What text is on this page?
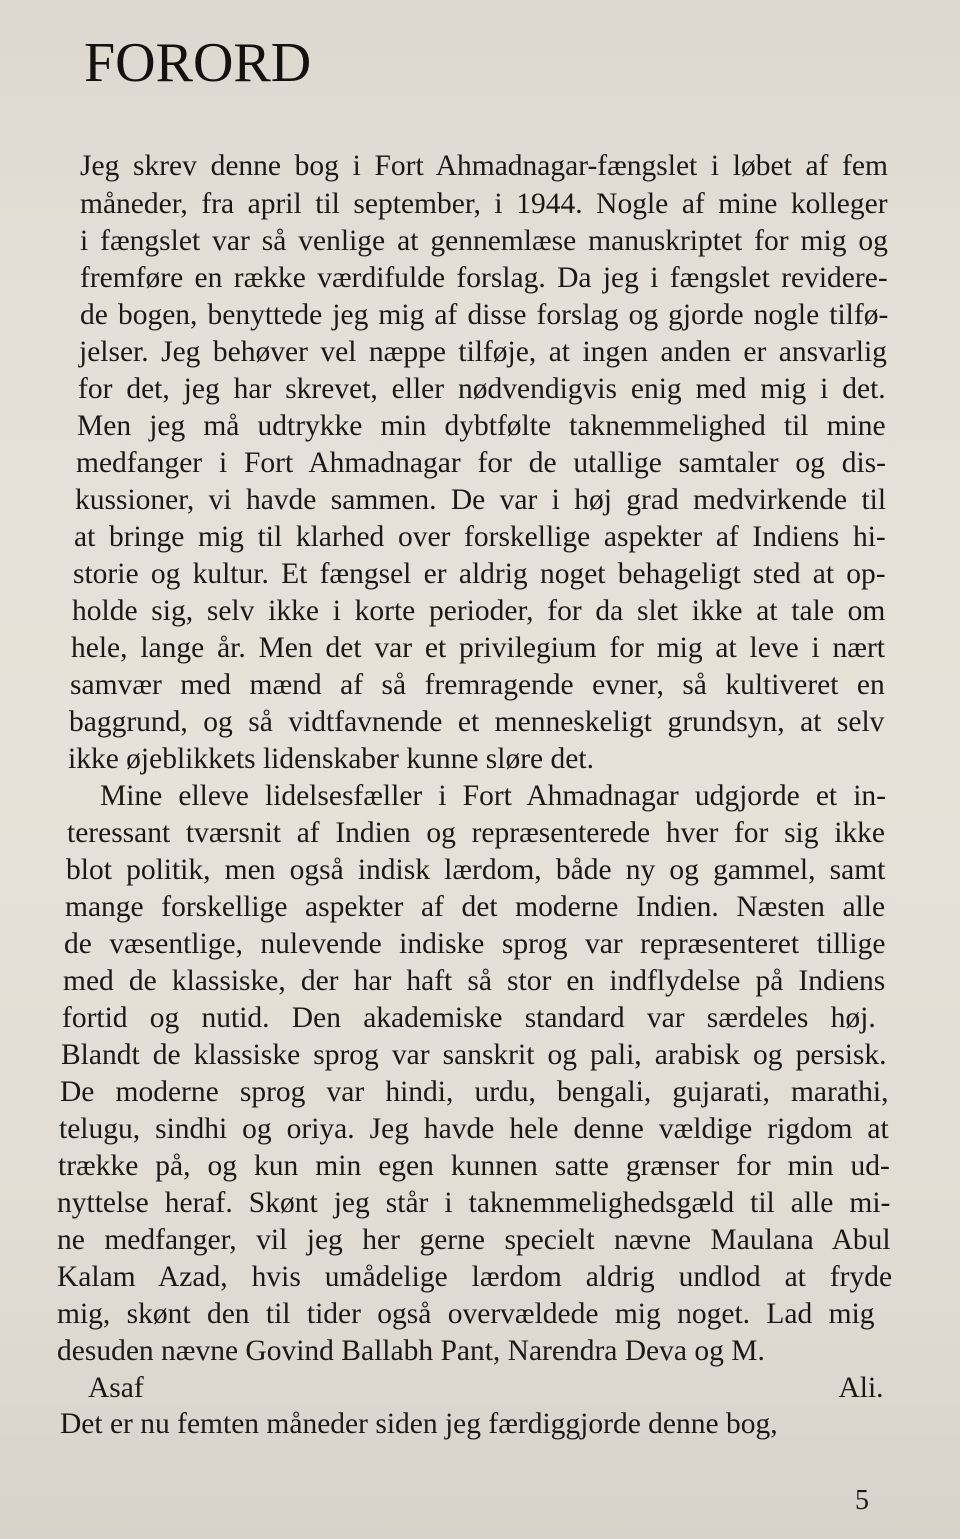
FORORD
Jeg skrev denne bog i Fort Ahmadnagar-fængslet i løbet af fem
måneder, fra april til september, i 1944. Nogle af mine kolleger
i fængslet var så venlige at gennemlæse manuskriptet for mig og
fremføre en række værdifulde forslag. Da jeg i fængslet reviderе-
de bogen, benyttede jeg mig af disse forslag og gjorde nogle tilfø-
jelser. Jeg behøver vel næppe tilføje, at ingen anden er ansvarlig
for det, jeg har skrevet, eller nødvendigvis enig med mig i det.
Men jeg må udtrykke min dybtfølte taknemmelighed til mine
medfanger i Fort Ahmadnagar for de utallige samtaler og dis-
kussioner, vi havde sammen. De var i høj grad medvirkende til
at bringe mig til klarhed over forskellige aspekter af Indiens hi-
storie og kultur. Et fængsel er aldrig noget behageligt sted at op-
holde sig, selv ikke i korte perioder, for da slet ikke at tale om
hele, lange år. Men det var et privilegium for mig at leve i nært
samvær med mænd af så fremragende evner, så kultiveret en
baggrund, og så vidtfavnende et menneskeligt grundsyn, at selv
ikke øjeblikkets lidenskaber kunne sløre det.
Mine elleve lidelsesfæller i Fort Ahmadnagar udgjorde et in-
teressant tværsnit af Indien og repræsenterede hver for sig ikke
blot politik, men også indisk lærdom, både ny og gammel, samt
mange forskellige aspekter af det moderne Indien. Næsten alle
de væsentlige, nulevende indiske sprog var repræsenteret tillige
med de klassiske, der har haft så stor en indflydelse på Indiens
fortid og nutid. Den akademiske standard var særdeles høj.
Blandt de klassiske sprog var sanskrit og pali, arabisk og persisk.
De moderne sprog var hindi, urdu, bengali, gujarati, marathi,
telugu, sindhi og oriya. Jeg havde hele denne vældige rigdom at
trække på, og kun min egen kunnen satte grænser for min ud-
nyttelse heraf. Skønt jeg står i taknemmelighedsgæld til alle mi-
ne medfanger, vil jeg her gerne specielt nævne Maulana Abul
Kalam Azad, hvis umådelige lærdom aldrig undlod at fryde
mig, skønt den til tider også overvældede mig noget. Lad mig
desuden nævne Govind Ballabh Pant, Narendra Deva og M.
Asaf Ali.
Det er nu femten måneder siden jeg færdiggjorde denne bog,
5
